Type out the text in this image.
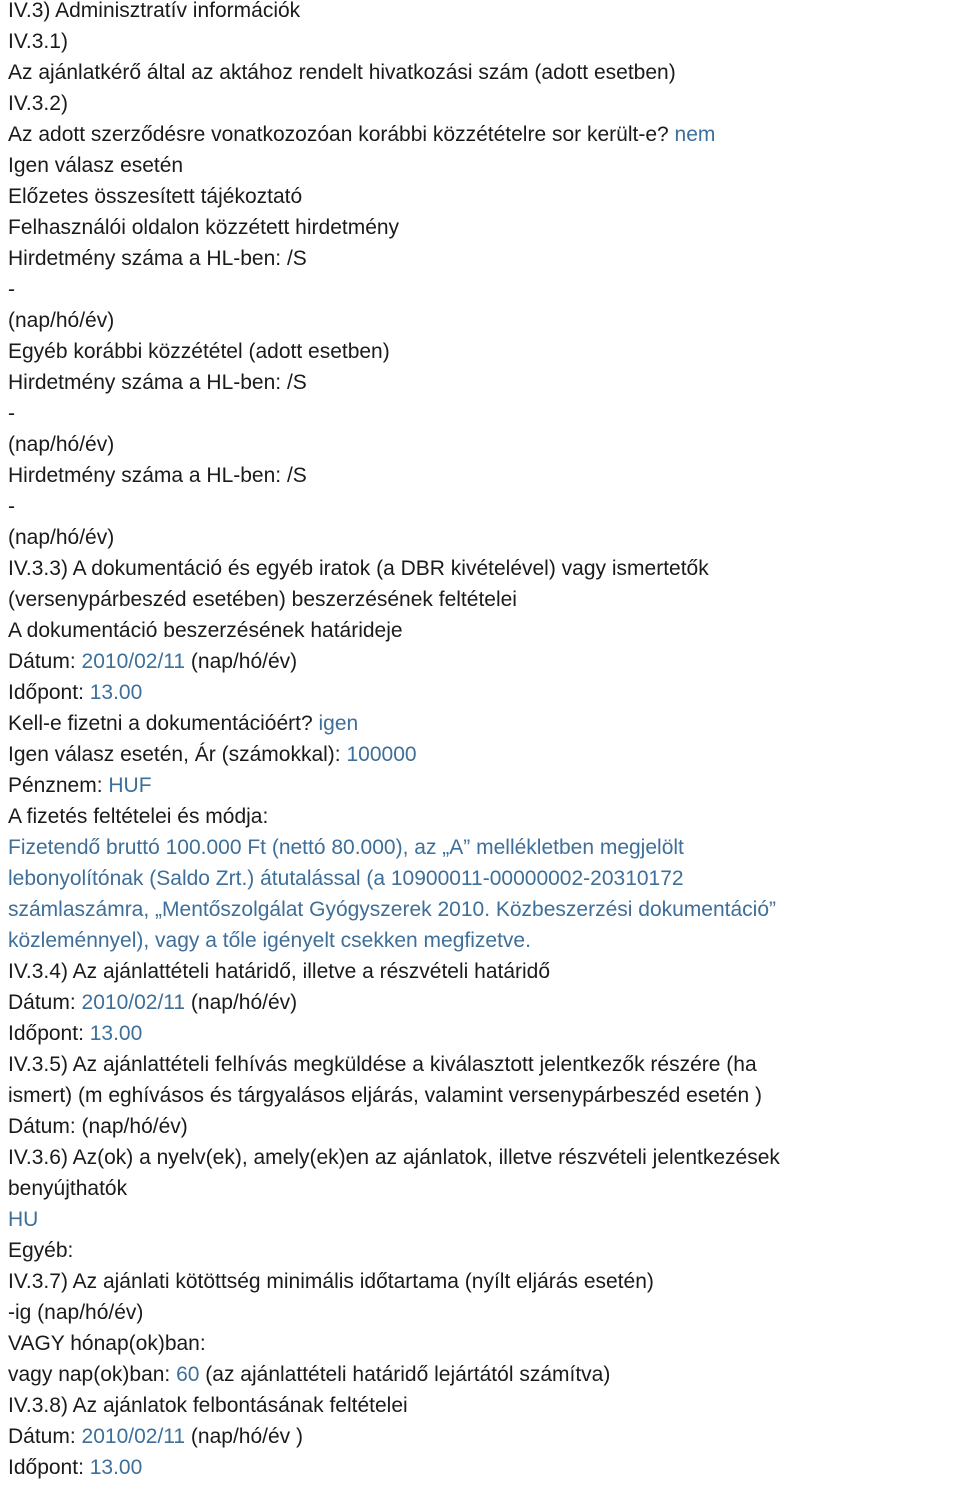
IV.3) Adminisztratív információk
IV.3.1)
Az ajánlatkérő által az aktához rendelt hivatkozási szám (adott esetben)
IV.3.2)
Az adott szerződésre vonatkozozóan korábbi közzétételre sor került-e? nem
Igen válasz esetén
Előzetes összesített tájékoztató
Felhasználói oldalon közzétett hirdetmény
Hirdetmény száma a HL-ben: /S
-
(nap/hó/év)
Egyéb korábbi közzététel (adott esetben)
Hirdetmény száma a HL-ben: /S
-
(nap/hó/év)
Hirdetmény száma a HL-ben: /S
-
(nap/hó/év)
IV.3.3) A dokumentáció és egyéb iratok (a DBR kivételével) vagy ismertetők
(versenypárbeszéd esetében) beszerzésének feltételei
A dokumentáció beszerzésének határideje
Dátum: 2010/02/11 (nap/hó/év)
Időpont: 13.00
Kell-e fizetni a dokumentációért? igen
Igen válasz esetén, Ár (számokkal): 100000
Pénznem: HUF
A fizetés feltételei és módja:
Fizetendő bruttó 100.000 Ft (nettó 80.000), az „A” mellékletben megjelölt
lebonyolítónak (Saldo Zrt.) átutalással (a 10900011-00000002-20310172
számlaszámra, „Mentőszolgálat Gyógyszerek 2010. Közbeszerzési dokumentáció”
közleménnyel), vagy a tőle igényelt csekken megfizetve.
IV.3.4) Az ajánlattételi határidő, illetve a részvételi határidő
Dátum: 2010/02/11 (nap/hó/év)
Időpont: 13.00
IV.3.5) Az ajánlattételi felhívás megküldése a kiválasztott jelentkezők részére (ha
ismert) (m eghívásos és tárgyalásos eljárás, valamint versenypárbeszéd esetén )
Dátum: (nap/hó/év)
IV.3.6) Az(ok) a nyelv(ek), amely(ek)en az ajánlatok, illetve részvételi jelentkezések
benyújthatók
HU
Egyéb:
IV.3.7) Az ajánlati kötöttség minimális időtartama (nyílt eljárás esetén)
-ig (nap/hó/év)
VAGY hónap(ok)ban:
vagy nap(ok)ban: 60 (az ajánlattételi határidő lejártától számítva)
IV.3.8) Az ajánlatok felbontásának feltételei
Dátum: 2010/02/11 (nap/hó/év )
Időpont: 13.00
